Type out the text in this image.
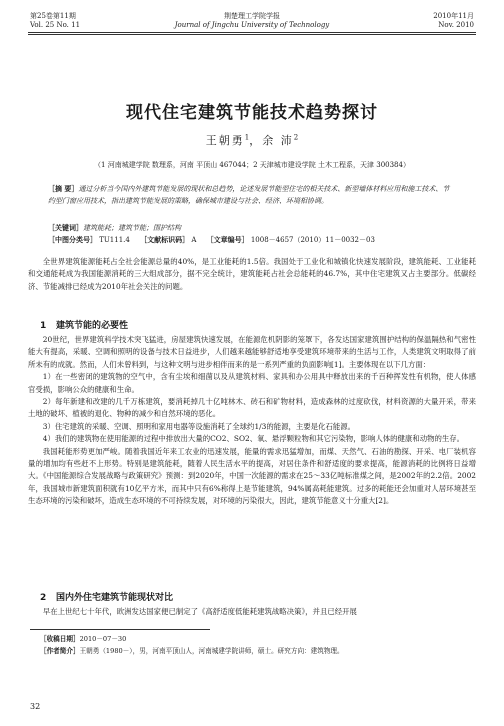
第25卷第11期
Vol. 25 No. 11
荆楚理工学院学报
Journal of Jingchu University of Technology
2010年11月
Nov. 2010
现代住宅建筑节能技术趋势探讨
王朝勇$^1$，余 沛$^2$
（1 河南城建学院 数理系，河南 平顶山 467044；2 天津城市建设学院 土木工程系，天津 300384）
［摘 要］通过分析当今国内外建筑节能发展的现状和总趋势，论述发展节能型住宅的相关技术、新型墙体材料应用和施工技术、节约型门窗应用技术，指出建筑节能发展的策略，确保城市建设与社会、经济、环境相协调。
［关键词］建筑能耗；建筑节能；围护结构
［中图分类号］ TU111.4 ［文献标识码］ A ［文章编号］ 1008－4657（2010）11－0032－03

全世界建筑能源能耗占全社会能源总量的40%，是工业能耗的1.5倍。我国处于工业化和城镇化快速发展阶段，建筑能耗、工业能耗和交通能耗成为我国能源消耗的三大组成部分，据不完全统计，建筑能耗占社会总能耗的46.7%，其中住宅建筑又占主要部分。低碳经济、节能减排已经成为2010年社会关注的问题。

1 建筑节能的必要性

20世纪，世界建筑科学技术突飞猛进，房屋建筑快速发展，在能源危机阴影的笼罩下，各发达国家建筑围护结构的保温隔热和气密性能大有提高，采暖、空调和照明的设备与技术日益进步，人们越来越能够舒适地享受建筑环境带来的生活与工作，人类建筑文明取得了前所未有的成就。然而，人们未曾料到，与这种文明与进步相伴而来的是一系列严重的负面影响[1]。主要体现在以下几方面：

1）在一些密闭的建筑物的空气中，含有尘埃和细菌以及从建筑材料、家具和办公用具中释放出来的千百种挥发性有机物，使人体感官受损，影响公众的健康和生命。

2）每年新建和改建的几千万栋建筑，要消耗掉几十亿吨林木、砖石和矿物材料，造成森林的过度砍伐，材料资源的大量开采，带来土地的破坏、植被的退化、物种的减少和自然环境的恶化。

3）住宅建筑的采暖、空调、照明和家用电器等设施消耗了全球约1/3的能源，主要是化石能源。

4）我们的建筑物在使用能源的过程中排放出大量的CO2、SO2、氧、悬浮颗粒物和其它污染物，影响人体的健康和动物的生存。

我国耗能形势更加严峻。随着我国近年来工农业的迅速发展，能量的需求迅猛增加，而煤、天然气、石油的勘探、开采、电厂装机容量的增加均有些赶不上形势。特别是建筑能耗，随着人民生活水平的提高，对居住条件和舒适度的要求提高，能源消耗的比例将日益增大。《中国能源综合发展战略与政策研究》预测：到2020年，中国一次能源的需求在25～33亿吨标准煤之间，是2002年的2.2倍。2002年，我国城市新建筑面积就有10亿平方米，而其中只有6%称得上是节能建筑，94%属高耗能建筑。过多的耗能还会加重对人居环境甚至生态环境的污染和破坏，造成生态环境的不可持续发展，对环境的污染很大，因此，建筑节能意义十分重大[2]。

2 国内外住宅建筑节能现状对比

早在上世纪七十年代，欧洲发达国家便已制定了《高舒适度低能耗建筑战略决策》，并且已经开展

［收稿日期］2010－07－30
［作者简介］王朝勇（1980－），男，河南平顶山人，河南城建学院讲师，硕士。研究方向：建筑物理。
32
